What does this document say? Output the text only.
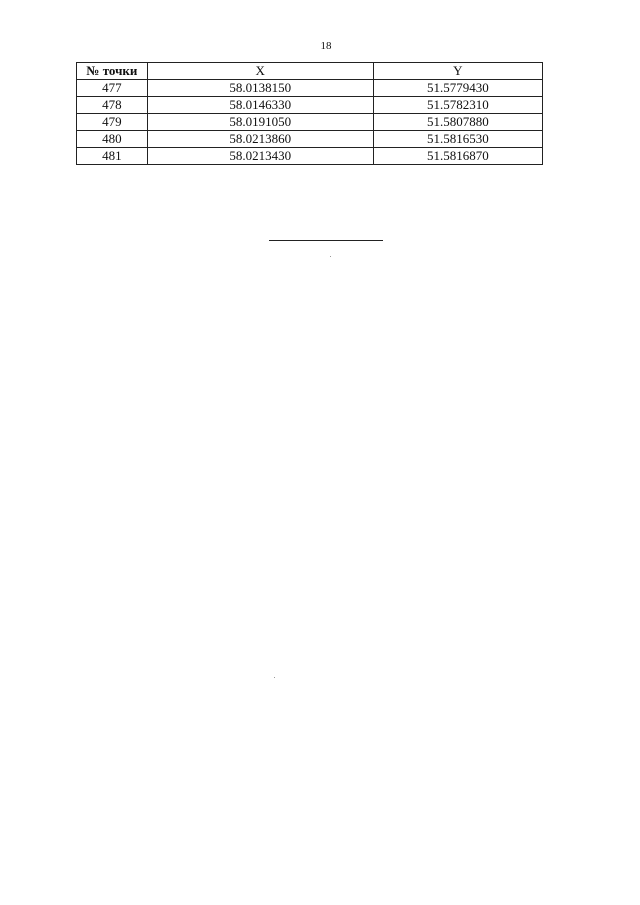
18
№ точки	X	Y
477	58.0138150	51.5779430
478	58.0146330	51.5782310
479	58.0191050	51.5807880
480	58.0213860	51.5816530
481	58.0213430	51.5816870
